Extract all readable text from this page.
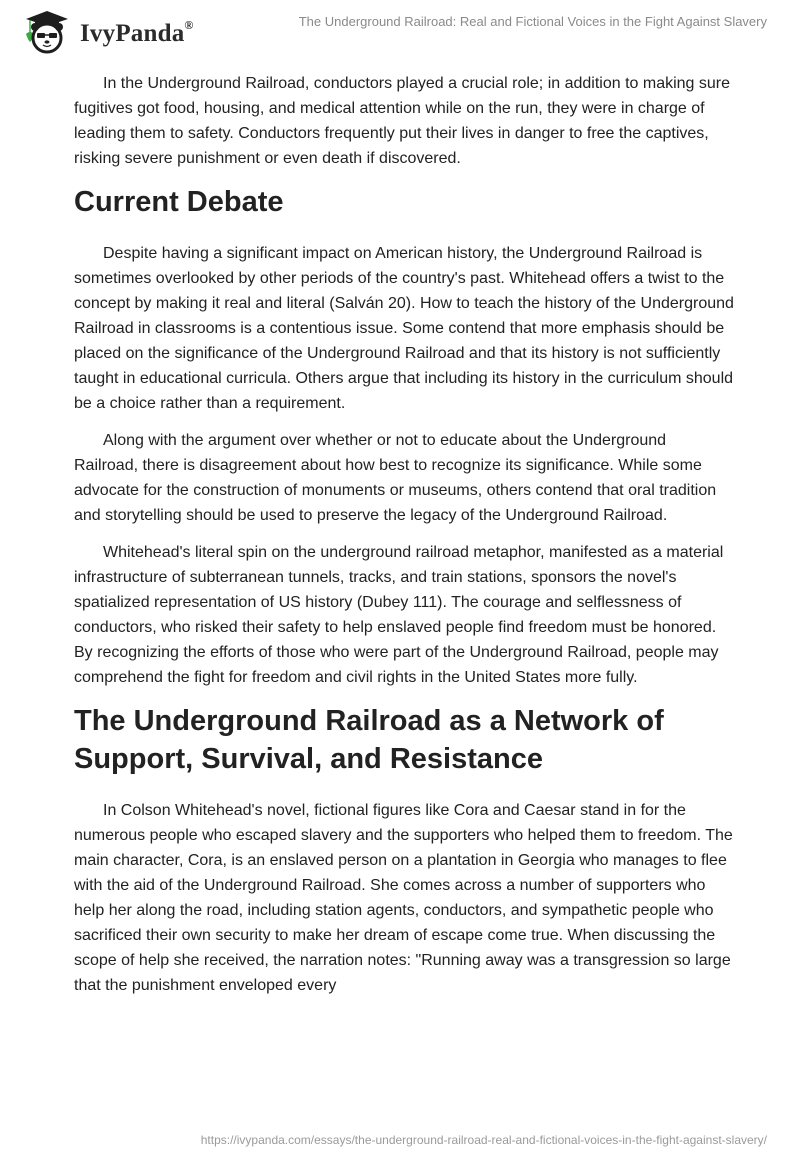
IvyPanda®	The Underground Railroad: Real and Fictional Voices in the Fight Against Slavery

In the Underground Railroad, conductors played a crucial role; in addition to making sure fugitives got food, housing, and medical attention while on the run, they were in charge of leading them to safety. Conductors frequently put their lives in danger to free the captives, risking severe punishment or even death if discovered.

Current Debate

Despite having a significant impact on American history, the Underground Railroad is sometimes overlooked by other periods of the country's past. Whitehead offers a twist to the concept by making it real and literal (Salván 20). How to teach the history of the Underground Railroad in classrooms is a contentious issue. Some contend that more emphasis should be placed on the significance of the Underground Railroad and that its history is not sufficiently taught in educational curricula. Others argue that including its history in the curriculum should be a choice rather than a requirement.

Along with the argument over whether or not to educate about the Underground Railroad, there is disagreement about how best to recognize its significance. While some advocate for the construction of monuments or museums, others contend that oral tradition and storytelling should be used to preserve the legacy of the Underground Railroad.

Whitehead's literal spin on the underground railroad metaphor, manifested as a material infrastructure of subterranean tunnels, tracks, and train stations, sponsors the novel's spatialized representation of US history (Dubey 111). The courage and selflessness of conductors, who risked their safety to help enslaved people find freedom must be honored. By recognizing the efforts of those who were part of the Underground Railroad, people may comprehend the fight for freedom and civil rights in the United States more fully.

The Underground Railroad as a Network of Support, Survival, and Resistance

In Colson Whitehead's novel, fictional figures like Cora and Caesar stand in for the numerous people who escaped slavery and the supporters who helped them to freedom. The main character, Cora, is an enslaved person on a plantation in Georgia who manages to flee with the aid of the Underground Railroad. She comes across a number of supporters who help her along the road, including station agents, conductors, and sympathetic people who sacrificed their own security to make her dream of escape come true. When discussing the scope of help she received, the narration notes: "Running away was a transgression so large that the punishment enveloped every

https://ivypanda.com/essays/the-underground-railroad-real-and-fictional-voices-in-the-fight-against-slavery/
